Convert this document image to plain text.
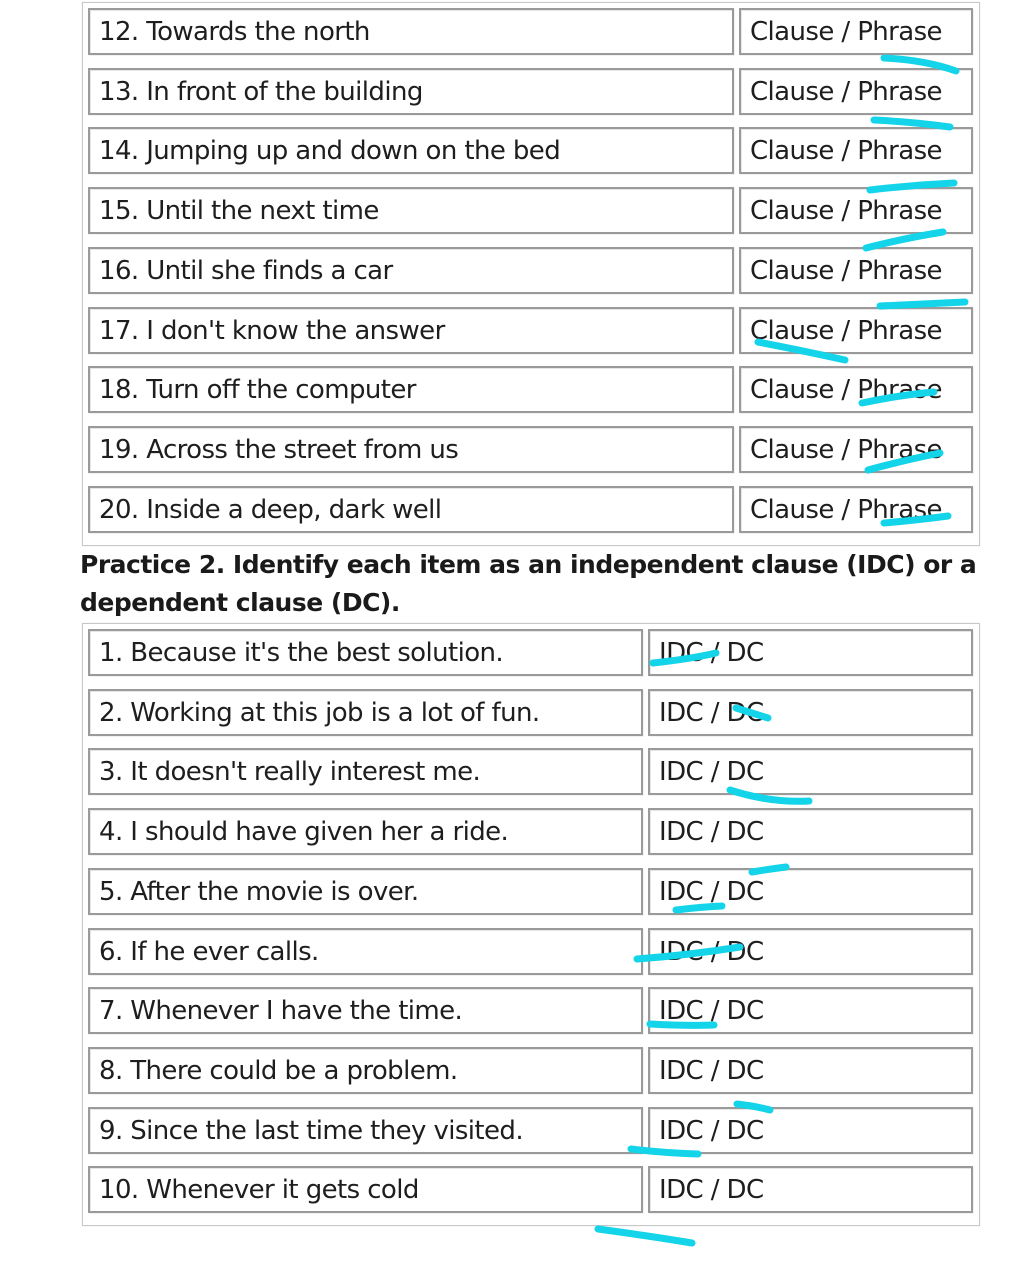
12. Towards the north	Clause / Phrase
13. In front of the building	Clause / Phrase
14. Jumping up and down on the bed	Clause / Phrase
15. Until the next time	Clause / Phrase
16. Until she finds a car	Clause / Phrase
17. I don't know the answer	Clause / Phrase
18. Turn off the computer	Clause / Phrase
19. Across the street from us	Clause / Phrase
20. Inside a deep, dark well	Clause / Phrase
Practice 2. Identify each item as an independent clause (IDC) or a dependent clause (DC).
1. Because it's the best solution.	IDC / DC
2. Working at this job is a lot of fun.	IDC / DC
3. It doesn't really interest me.	IDC / DC
4. I should have given her a ride.	IDC / DC
5. After the movie is over.	IDC / DC
6. If he ever calls.	IDC / DC
7. Whenever I have the time.	IDC / DC
8. There could be a problem.	IDC / DC
9. Since the last time they visited.	IDC / DC
10. Whenever it gets cold	IDC / DC
